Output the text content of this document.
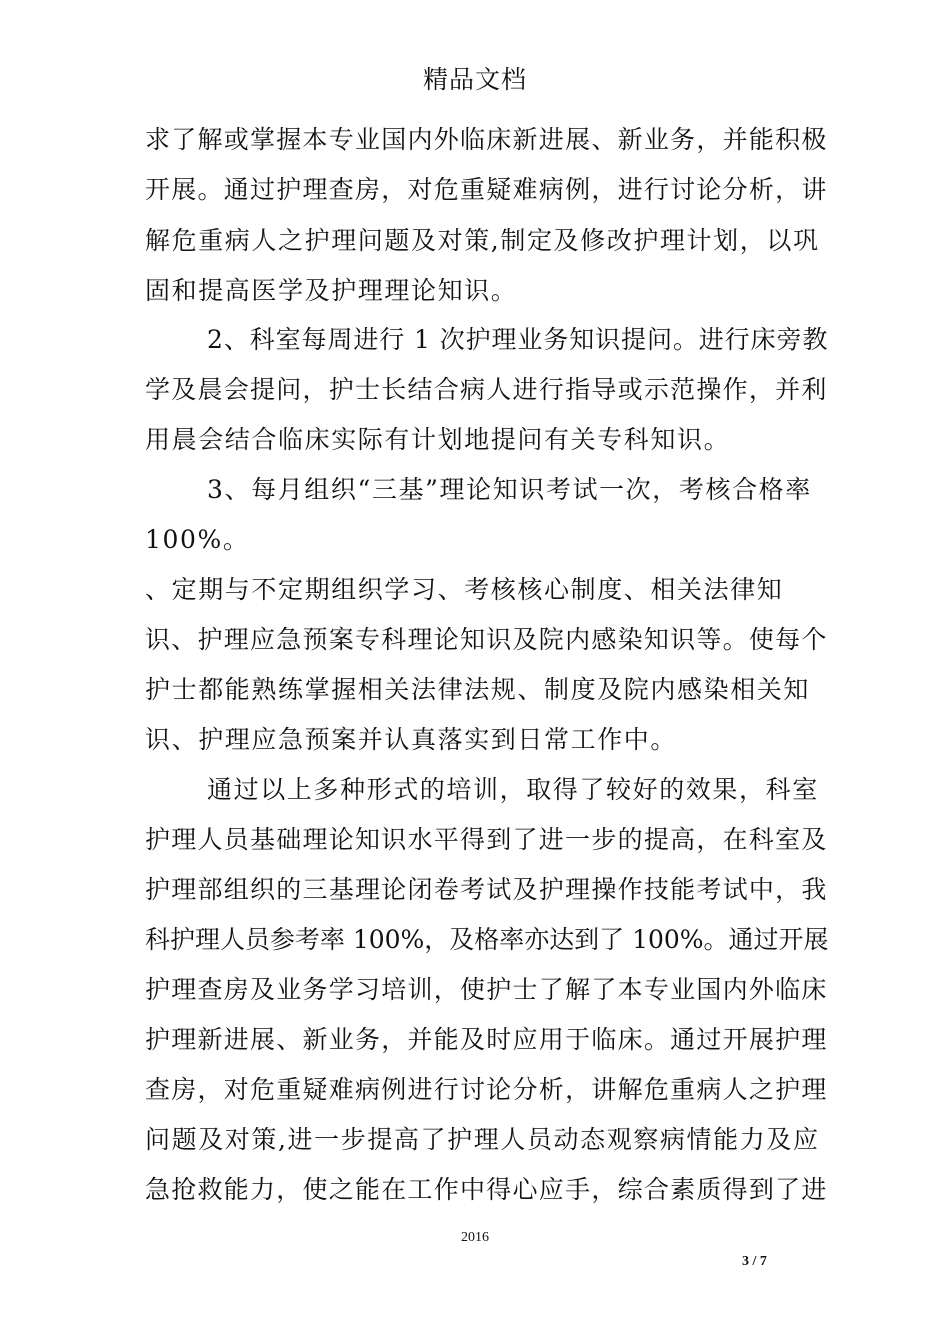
精品文档
求了解或掌握本专业国内外临床新进展、新业务，并能积极
开展。通过护理查房，对危重疑难病例，进行讨论分析，讲
解危重病人之护理问题及对策,制定及修改护理计划，以巩
固和提高医学及护理理论知识。
2、科室每周进行 1 次护理业务知识提问。进行床旁教
学及晨会提问，护士长结合病人进行指导或示范操作，并利
用晨会结合临床实际有计划地提问有关专科知识。
3、每月组织“三基”理论知识考试一次，考核合格率
100%。
、定期与不定期组织学习、考核核心制度、相关法律知
识、护理应急预案专科理论知识及院内感染知识等。使每个
护士都能熟练掌握相关法律法规、制度及院内感染相关知
识、护理应急预案并认真落实到日常工作中。
通过以上多种形式的培训，取得了较好的效果，科室
护理人员基础理论知识水平得到了进一步的提高，在科室及
护理部组织的三基理论闭卷考试及护理操作技能考试中，我
科护理人员参考率 100%，及格率亦达到了 100%。通过开展
护理查房及业务学习培训，使护士了解了本专业国内外临床
护理新进展、新业务，并能及时应用于临床。通过开展护理
查房，对危重疑难病例进行讨论分析，讲解危重病人之护理
问题及对策,进一步提高了护理人员动态观察病情能力及应
急抢救能力，使之能在工作中得心应手，综合素质得到了进
2016
3 / 7
